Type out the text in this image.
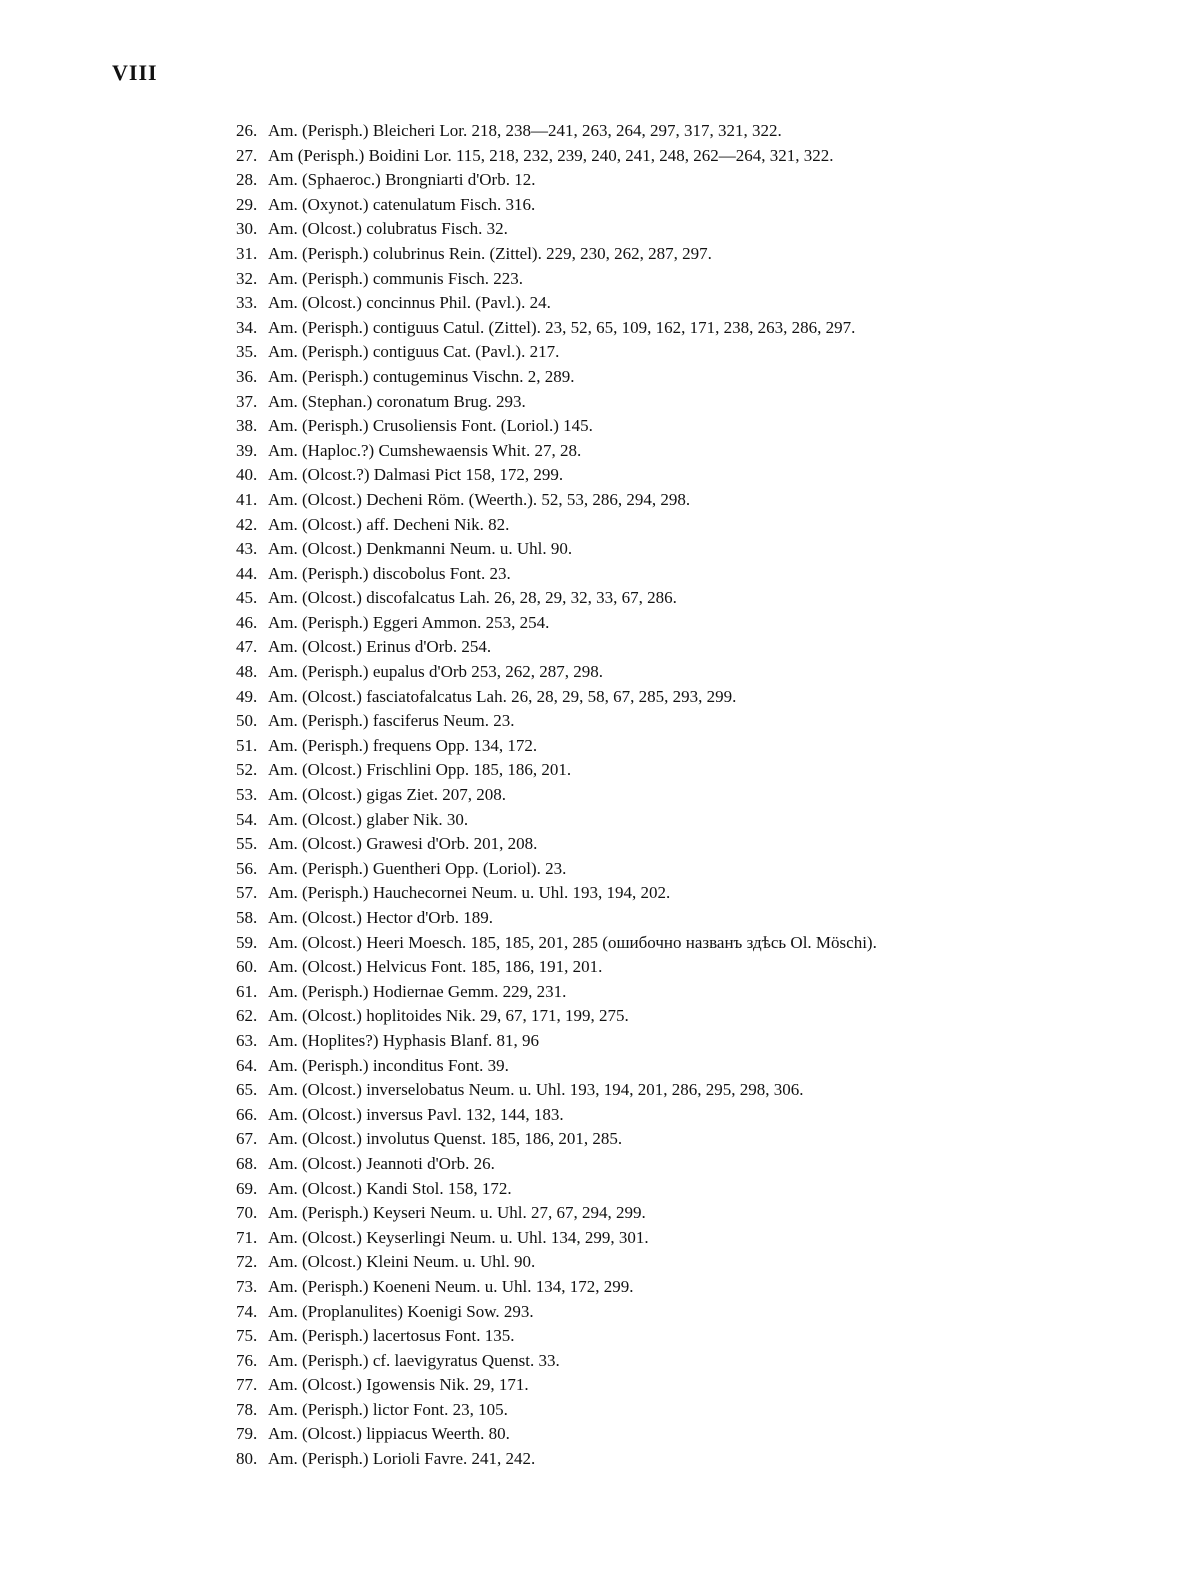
VIII
26. Am. (Perisph.) Bleicheri Lor. 218, 238—241, 263, 264, 297, 317, 321, 322.
27. Am (Perisph.) Boidini Lor. 115, 218, 232, 239, 240, 241, 248, 262—264, 321, 322.
28. Am. (Sphaeroc.) Brongniarti d'Orb. 12.
29. Am. (Oxynot.) catenulatum Fisch. 316.
30. Am. (Olcost.) colubratus Fisch. 32.
31. Am. (Perisph.) colubrinus Rein. (Zittel). 229, 230, 262, 287, 297.
32. Am. (Perisph.) communis Fisch. 223.
33. Am. (Olcost.) concinnus Phil. (Pavl.). 24.
34. Am. (Perisph.) contiguus Catul. (Zittel). 23, 52, 65, 109, 162, 171, 238, 263, 286, 297.
35. Am. (Perisph.) contiguus Cat. (Pavl.). 217.
36. Am. (Perisph.) contugeminus Vischn. 2, 289.
37. Am. (Stephan.) coronatum Brug. 293.
38. Am. (Perisph.) Crusoliensis Font. (Loriol.) 145.
39. Am. (Haploc.?) Cumshewaensis Whit. 27, 28.
40. Am. (Olcost.?) Dalmasi Pict 158, 172, 299.
41. Am. (Olcost.) Decheni Röm. (Weerth.). 52, 53, 286, 294, 298.
42. Am. (Olcost.) aff. Decheni Nik. 82.
43. Am. (Olcost.) Denkmanni Neum. u. Uhl. 90.
44. Am. (Perisph.) discobolus Font. 23.
45. Am. (Olcost.) discofalcatus Lah. 26, 28, 29, 32, 33, 67, 286.
46. Am. (Perisph.) Eggeri Ammon. 253, 254.
47. Am. (Olcost.) Erinus d'Orb. 254.
48. Am. (Perisph.) eupalus d'Orb 253, 262, 287, 298.
49. Am. (Olcost.) fasciatofalcatus Lah. 26, 28, 29, 58, 67, 285, 293, 299.
50. Am. (Perisph.) fasciferus Neum. 23.
51. Am. (Perisph.) frequens Opp. 134, 172.
52. Am. (Olcost.) Frischlini Opp. 185, 186, 201.
53. Am. (Olcost.) gigas Ziet. 207, 208.
54. Am. (Olcost.) glaber Nik. 30.
55. Am. (Olcost.) Grawesi d'Orb. 201, 208.
56. Am. (Perisph.) Guentheri Opp. (Loriol). 23.
57. Am. (Perisph.) Hauchecornei Neum. u. Uhl. 193, 194, 202.
58. Am. (Olcost.) Hector d'Orb. 189.
59. Am. (Olcost.) Heeri Moesch. 185, 185, 201, 285 (ошибочно названъ здѣсь Ol. Möschi).
60. Am. (Olcost.) Helvicus Font. 185, 186, 191, 201.
61. Am. (Perisph.) Hodiernae Gemm. 229, 231.
62. Am. (Olcost.) hoplitoides Nik. 29, 67, 171, 199, 275.
63. Am. (Hoplites?) Hyphasis Blanf. 81, 96
64. Am. (Perisph.) inconditus Font. 39.
65. Am. (Olcost.) inverselobatus Neum. u. Uhl. 193, 194, 201, 286, 295, 298, 306.
66. Am. (Olcost.) inversus Pavl. 132, 144, 183.
67. Am. (Olcost.) involutus Quenst. 185, 186, 201, 285.
68. Am. (Olcost.) Jeannoti d'Orb. 26.
69. Am. (Olcost.) Kandi Stol. 158, 172.
70. Am. (Perisph.) Keyseri Neum. u. Uhl. 27, 67, 294, 299.
71. Am. (Olcost.) Keyserlingi Neum. u. Uhl. 134, 299, 301.
72. Am. (Olcost.) Kleini Neum. u. Uhl. 90.
73. Am. (Perisph.) Koeneni Neum. u. Uhl. 134, 172, 299.
74. Am. (Proplanulites) Koenigi Sow. 293.
75. Am. (Perisph.) lacertosus Font. 135.
76. Am. (Perisph.) cf. laevigyratus Quenst. 33.
77. Am. (Olcost.) Igowensis Nik. 29, 171.
78. Am. (Perisph.) lictor Font. 23, 105.
79. Am. (Olcost.) lippiacus Weerth. 80.
80. Am. (Perisph.) Lorioli Favre. 241, 242.
